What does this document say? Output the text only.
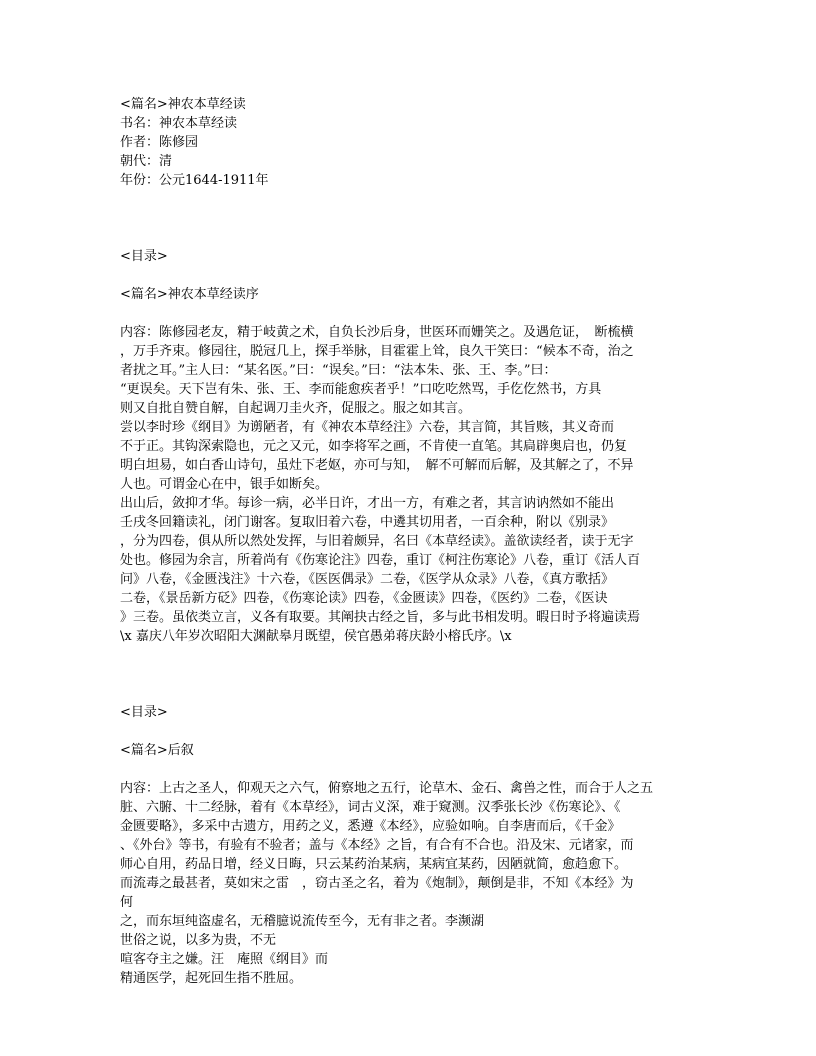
<篇名>神农本草经读
书名：神农本草经读
作者：陈修园
朝代：清
年份：公元1644-1911年
<目录>
<篇名>神农本草经读序
内容：陈修园老友，精于岐黄之术，自负长沙后身，世医环而姗笑之。及遇危证，　断梳横
，万手齐束。修园往，脱冠几上，探手举脉，目霍霍上耸，良久干笑曰：“候本不奇，治之
者扰之耳。”主人曰：“某名医。”曰：“误矣。”曰：“法本朱、张、王、李。”曰：
“更误矣。天下岂有朱、张、王、李而能愈疾者乎！”口吃吃然骂，手仡仡然书，方具
则又自批自赞自解，自起调刀圭火齐，促服之。服之如其言。
尝以李时珍《纲目》为谫陋者，有《神农本草经注》六卷，其言简，其旨赅，其义奇而
不于正。其钩深索隐也，元之又元，如李将军之画，不肯使一直笔。其扃辟奥启也，仍复
明白坦易，如白香山诗句，虽灶下老妪，亦可与知，　解不可解而后解，及其解之了，不异
人也。可谓金心在中，银手如断矣。
出山后，敛抑才华。每诊一病，必半日许，才出一方，有难之者，其言讷讷然如不能出
壬戌冬回籍读礼，闭门谢客。复取旧着六卷，中遴其切用者，一百余种，附以《别录》
，分为四卷，俱从所以然处发挥，与旧着颇异，名曰《本草经读》。盖欲读经者，读于无字
处也。修园为余言，所着尚有《伤寒论注》四卷，重订《柯注伤寒论》八卷，重订《活人百
问》八卷，《金匮浅注》十六卷，《医医偶录》二卷，《医学从众录》八卷，《真方歌括》
二卷，《景岳新方砭》四卷，《伤寒论读》四卷，《金匮读》四卷，《医约》二卷，《医诀
》三卷。虽依类立言，义各有取要。其阐抉古经之旨，多与此书相发明。暇日时予将遍读焉
\x 嘉庆八年岁次昭阳大渊献皋月既望，侯官愚弟蒋庆龄小榕氏序。\x
<目录>
<篇名>后叙
内容：上古之圣人，仰观天之六气，俯察地之五行，论草木、金石、禽兽之性，而合于人之五
脏、六腑、十二经脉，着有《本草经》，词古义深，难于窥测。汉季张长沙《伤寒论》、《
金匮要略》，多采中古遗方，用药之义，悉遵《本经》，应验如响。自李唐而后，《千金》
、《外台》等书，有验有不验者；盖与《本经》之旨，有合有不合也。沿及宋、元诸家，而
师心自用，药品日增，经义日晦，只云某药治某病，某病宜某药，因陋就简，愈趋愈下。
而流毒之最甚者，莫如宋之雷　，窃古圣之名，着为《炮制》，颠倒是非，不知《本经》为
何
之，而东垣纯盗虚名，无稽臆说流传至今，无有非之者。李濒湖
世俗之说，以多为贵，不无
喧客夺主之嫌。汪　庵照《纲目》而
精通医学，起死回生指不胜屈。
